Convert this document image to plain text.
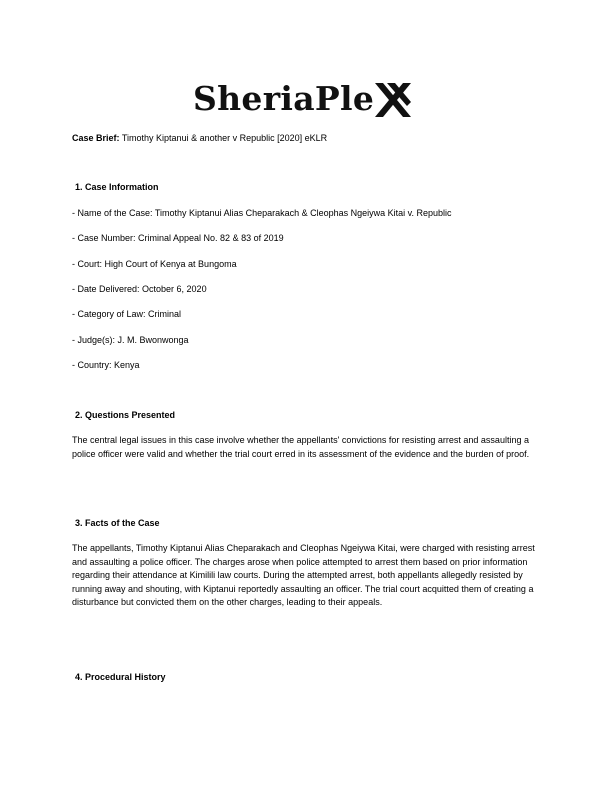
SheriaPle
Case Brief: Timothy Kiptanui & another v Republic [2020] eKLR
1. Case Information
- Name of the Case: Timothy Kiptanui Alias Cheparakach & Cleophas Ngeiywa Kitai v. Republic
- Case Number: Criminal Appeal No. 82 & 83 of 2019
- Court: High Court of Kenya at Bungoma
- Date Delivered: October 6, 2020
- Category of Law: Criminal
- Judge(s): J. M. Bwonwonga
- Country: Kenya
2. Questions Presented
The central legal issues in this case involve whether the appellants' convictions for resisting arrest and assaulting a police officer were valid and whether the trial court erred in its assessment of the evidence and the burden of proof.
3. Facts of the Case
The appellants, Timothy Kiptanui Alias Cheparakach and Cleophas Ngeiywa Kitai, were charged with resisting arrest and assaulting a police officer. The charges arose when police attempted to arrest them based on prior information regarding their attendance at Kimilili law courts. During the attempted arrest, both appellants allegedly resisted by running away and shouting, with Kiptanui reportedly assaulting an officer. The trial court acquitted them of creating a disturbance but convicted them on the other charges, leading to their appeals.
4. Procedural History
